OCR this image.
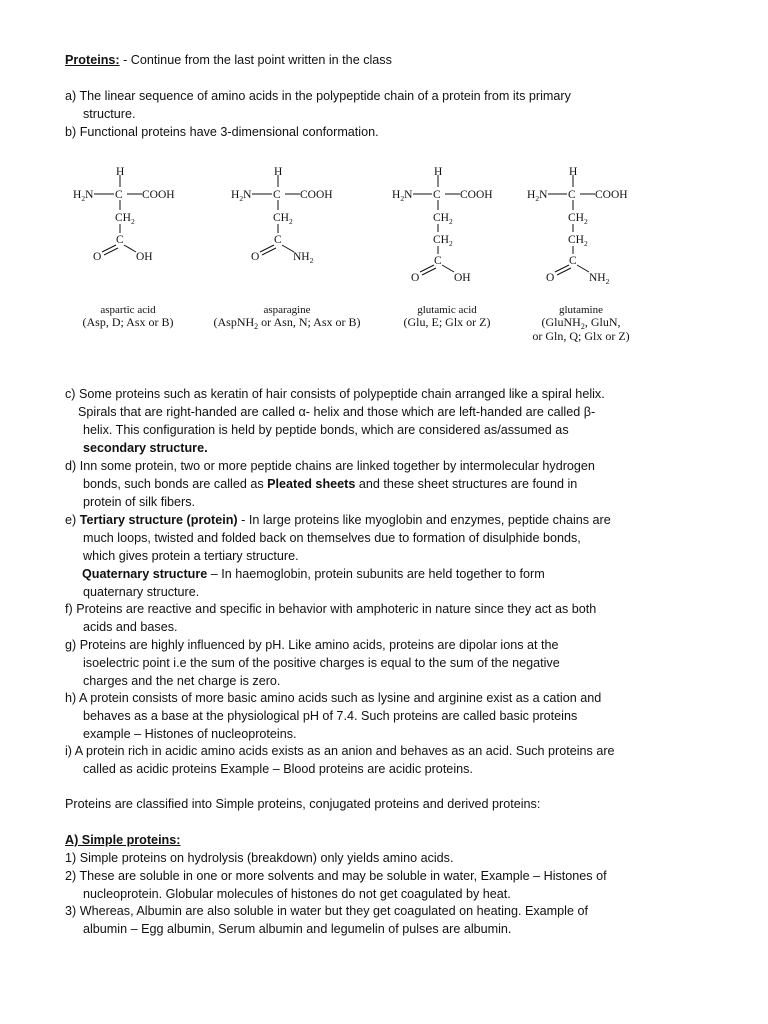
Proteins: - Continue from the last point written in the class
a) The linear sequence of amino acids in the polypeptide chain of a protein from its primary
structure.
b) Functional proteins have 3-dimensional conformation.
H
$H_2N$ C COOH
$CH_2$
C
O	OH
H
$H_2N$ C COOH
$CH_2$
C
O	$NH_2$
H
$H_2N$ C COOH
$CH_2$
$CH_2$
C
O	OH
H
$H_2N$ C COOH
$CH_2$
$CH_2$
C
O	$NH_2$
aspartic acid
(Asp, D; Asx or B)
asparagine
(AspNH$_2$ or Asn, N; Asx or B)
glutamic acid
(Glu, E; Glx or Z)
glutamine
(GluNH$_2$, GluN,
or Gln, Q; Glx or Z)
c) Some proteins such as keratin of hair consists of polypeptide chain arranged like a spiral helix.
Spirals that are right-handed are called α- helix and those which are left-handed are called β-
helix. This configuration is held by peptide bonds, which are considered as/assumed as
secondary structure.
d) Inn some protein, two or more peptide chains are linked together by intermolecular hydrogen
bonds, such bonds are called as Pleated sheets and these sheet structures are found in
protein of silk fibers.
e) Tertiary structure (protein) - In large proteins like myoglobin and enzymes, peptide chains are
much loops, twisted and folded back on themselves due to formation of disulphide bonds,
which gives protein a tertiary structure.
Quaternary structure – In haemoglobin, protein subunits are held together to form
quaternary structure.
f) Proteins are reactive and specific in behavior with amphoteric in nature since they act as both
acids and bases.
g) Proteins are highly influenced by pH. Like amino acids, proteins are dipolar ions at the
isoelectric point i.e the sum of the positive charges is equal to the sum of the negative
charges and the net charge is zero.
h) A protein consists of more basic amino acids such as lysine and arginine exist as a cation and
behaves as a base at the physiological pH of 7.4. Such proteins are called basic proteins
example – Histones of nucleoproteins.
i) A protein rich in acidic amino acids exists as an anion and behaves as an acid. Such proteins are
called as acidic proteins Example – Blood proteins are acidic proteins.
Proteins are classified into Simple proteins, conjugated proteins and derived proteins:
A) Simple proteins:
1) Simple proteins on hydrolysis (breakdown) only yields amino acids.
2) These are soluble in one or more solvents and may be soluble in water, Example – Histones of
nucleoprotein. Globular molecules of histones do not get coagulated by heat.
3) Whereas, Albumin are also soluble in water but they get coagulated on heating. Example of
albumin – Egg albumin, Serum albumin and legumelin of pulses are albumin.
